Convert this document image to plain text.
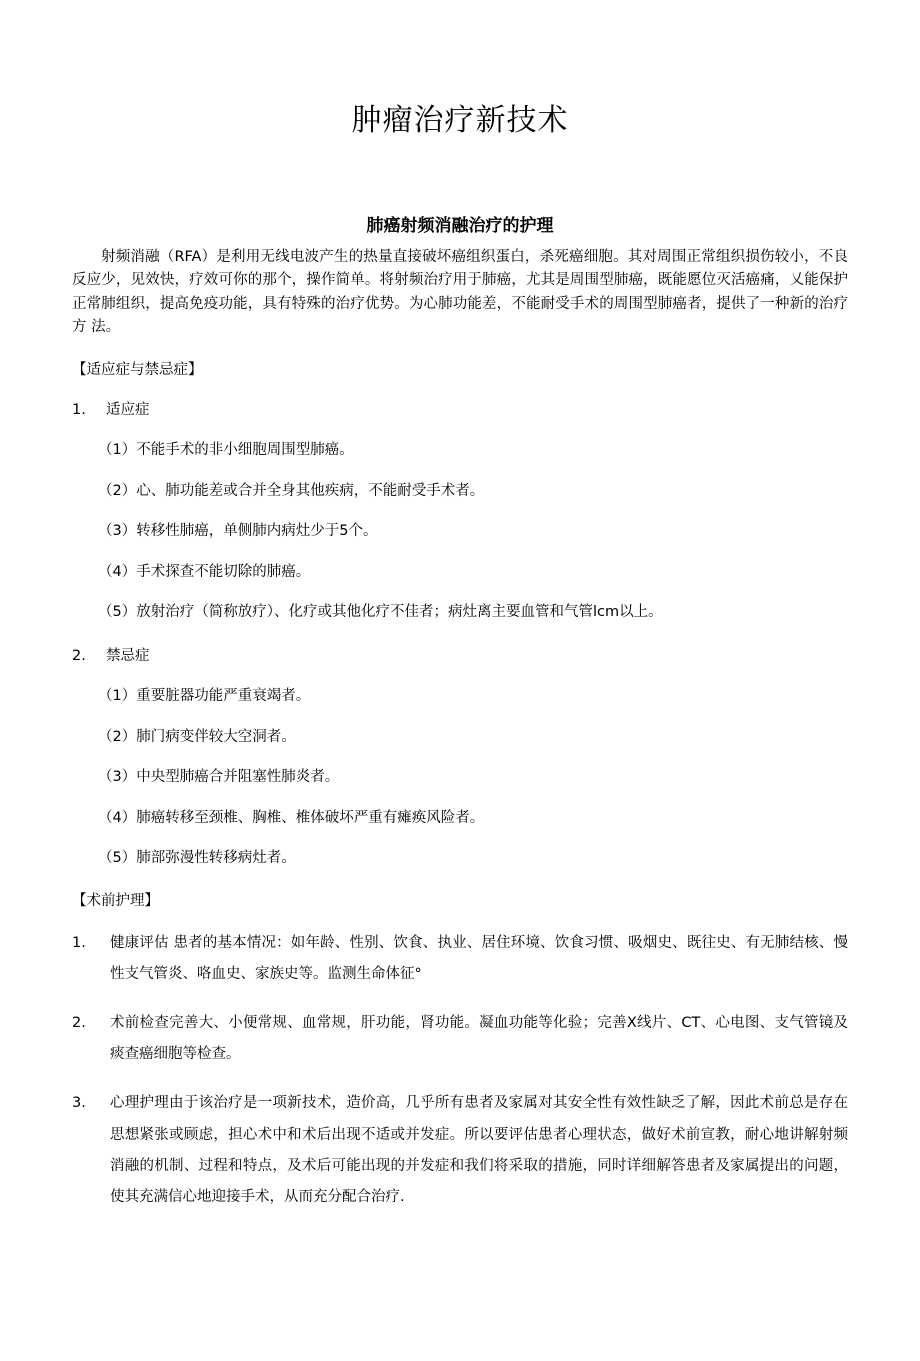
肿瘤治疗新技术
肺癌射频消融治疗的护理

射频消融（RFA）是利用无线电波产生的热量直接破坏癌组织蛋白，杀死癌细胞。其对周围正常组织损伤较小，不良反应少，见效快，疗效可你的那个，操作简单。将射频治疗用于肺癌，尤其是周围型肺癌，既能愿位灭活癌痛，乂能保护正常肺组织，提高免疫功能，具有特殊的治疗优势。为心肺功能差，不能耐受手术的周围型肺癌者，提供了一种新的治疗方 法。

【适应症与禁忌症】

1.	适应症

（1）不能手术的非小细胞周围型肺癌。

（2）心、肺功能差或合并全身其他疾病，不能耐受手术者。

（3）转移性肺癌，单侧肺内病灶少于5个。

（4）手术探查不能切除的肺癌。

（5）放射治疗（简称放疗）、化疗或其他化疗不佳者；病灶离主要血管和气管lcm以上。

2.	禁忌症

（1）重要脏器功能严重衰竭者。

（2）肺门病变伴较大空洞者。

（3）中央型肺癌合并阻塞性肺炎者。

（4）肺癌转移至颈椎、胸椎、椎体破坏严重有瘫痪风险者。

（5）肺部弥漫性转移病灶者。

【术前护理】

1.	健康评估 患者的基本情况：如年龄、性别、饮食、执业、居住环境、饮食习惯、吸烟史、既往史、有无肺结核、慢性支气管炎、咯血史、家族史等。监测生命体征°
2.	术前检查完善大、小便常规、血常规，肝功能，肾功能。凝血功能等化验；完善X线片、CT、心电图、支气管镜及痰查癌细胞等检查。
3.	心理护理由于该治疗是一项新技术，造价高，几乎所有患者及家属对其安全性有效性缺乏了解，因此术前总是存在思想紧张或顾虑，担心术中和术后出现不适或并发症。所以要评估患者心理状态，做好术前宣教，耐心地讲解射频消融的机制、过程和特点，及术后可能出现的并发症和我们将采取的措施，同时详细解答患者及家属提出的问题，使其充满信心地迎接手术，从而充分配合治疗.
